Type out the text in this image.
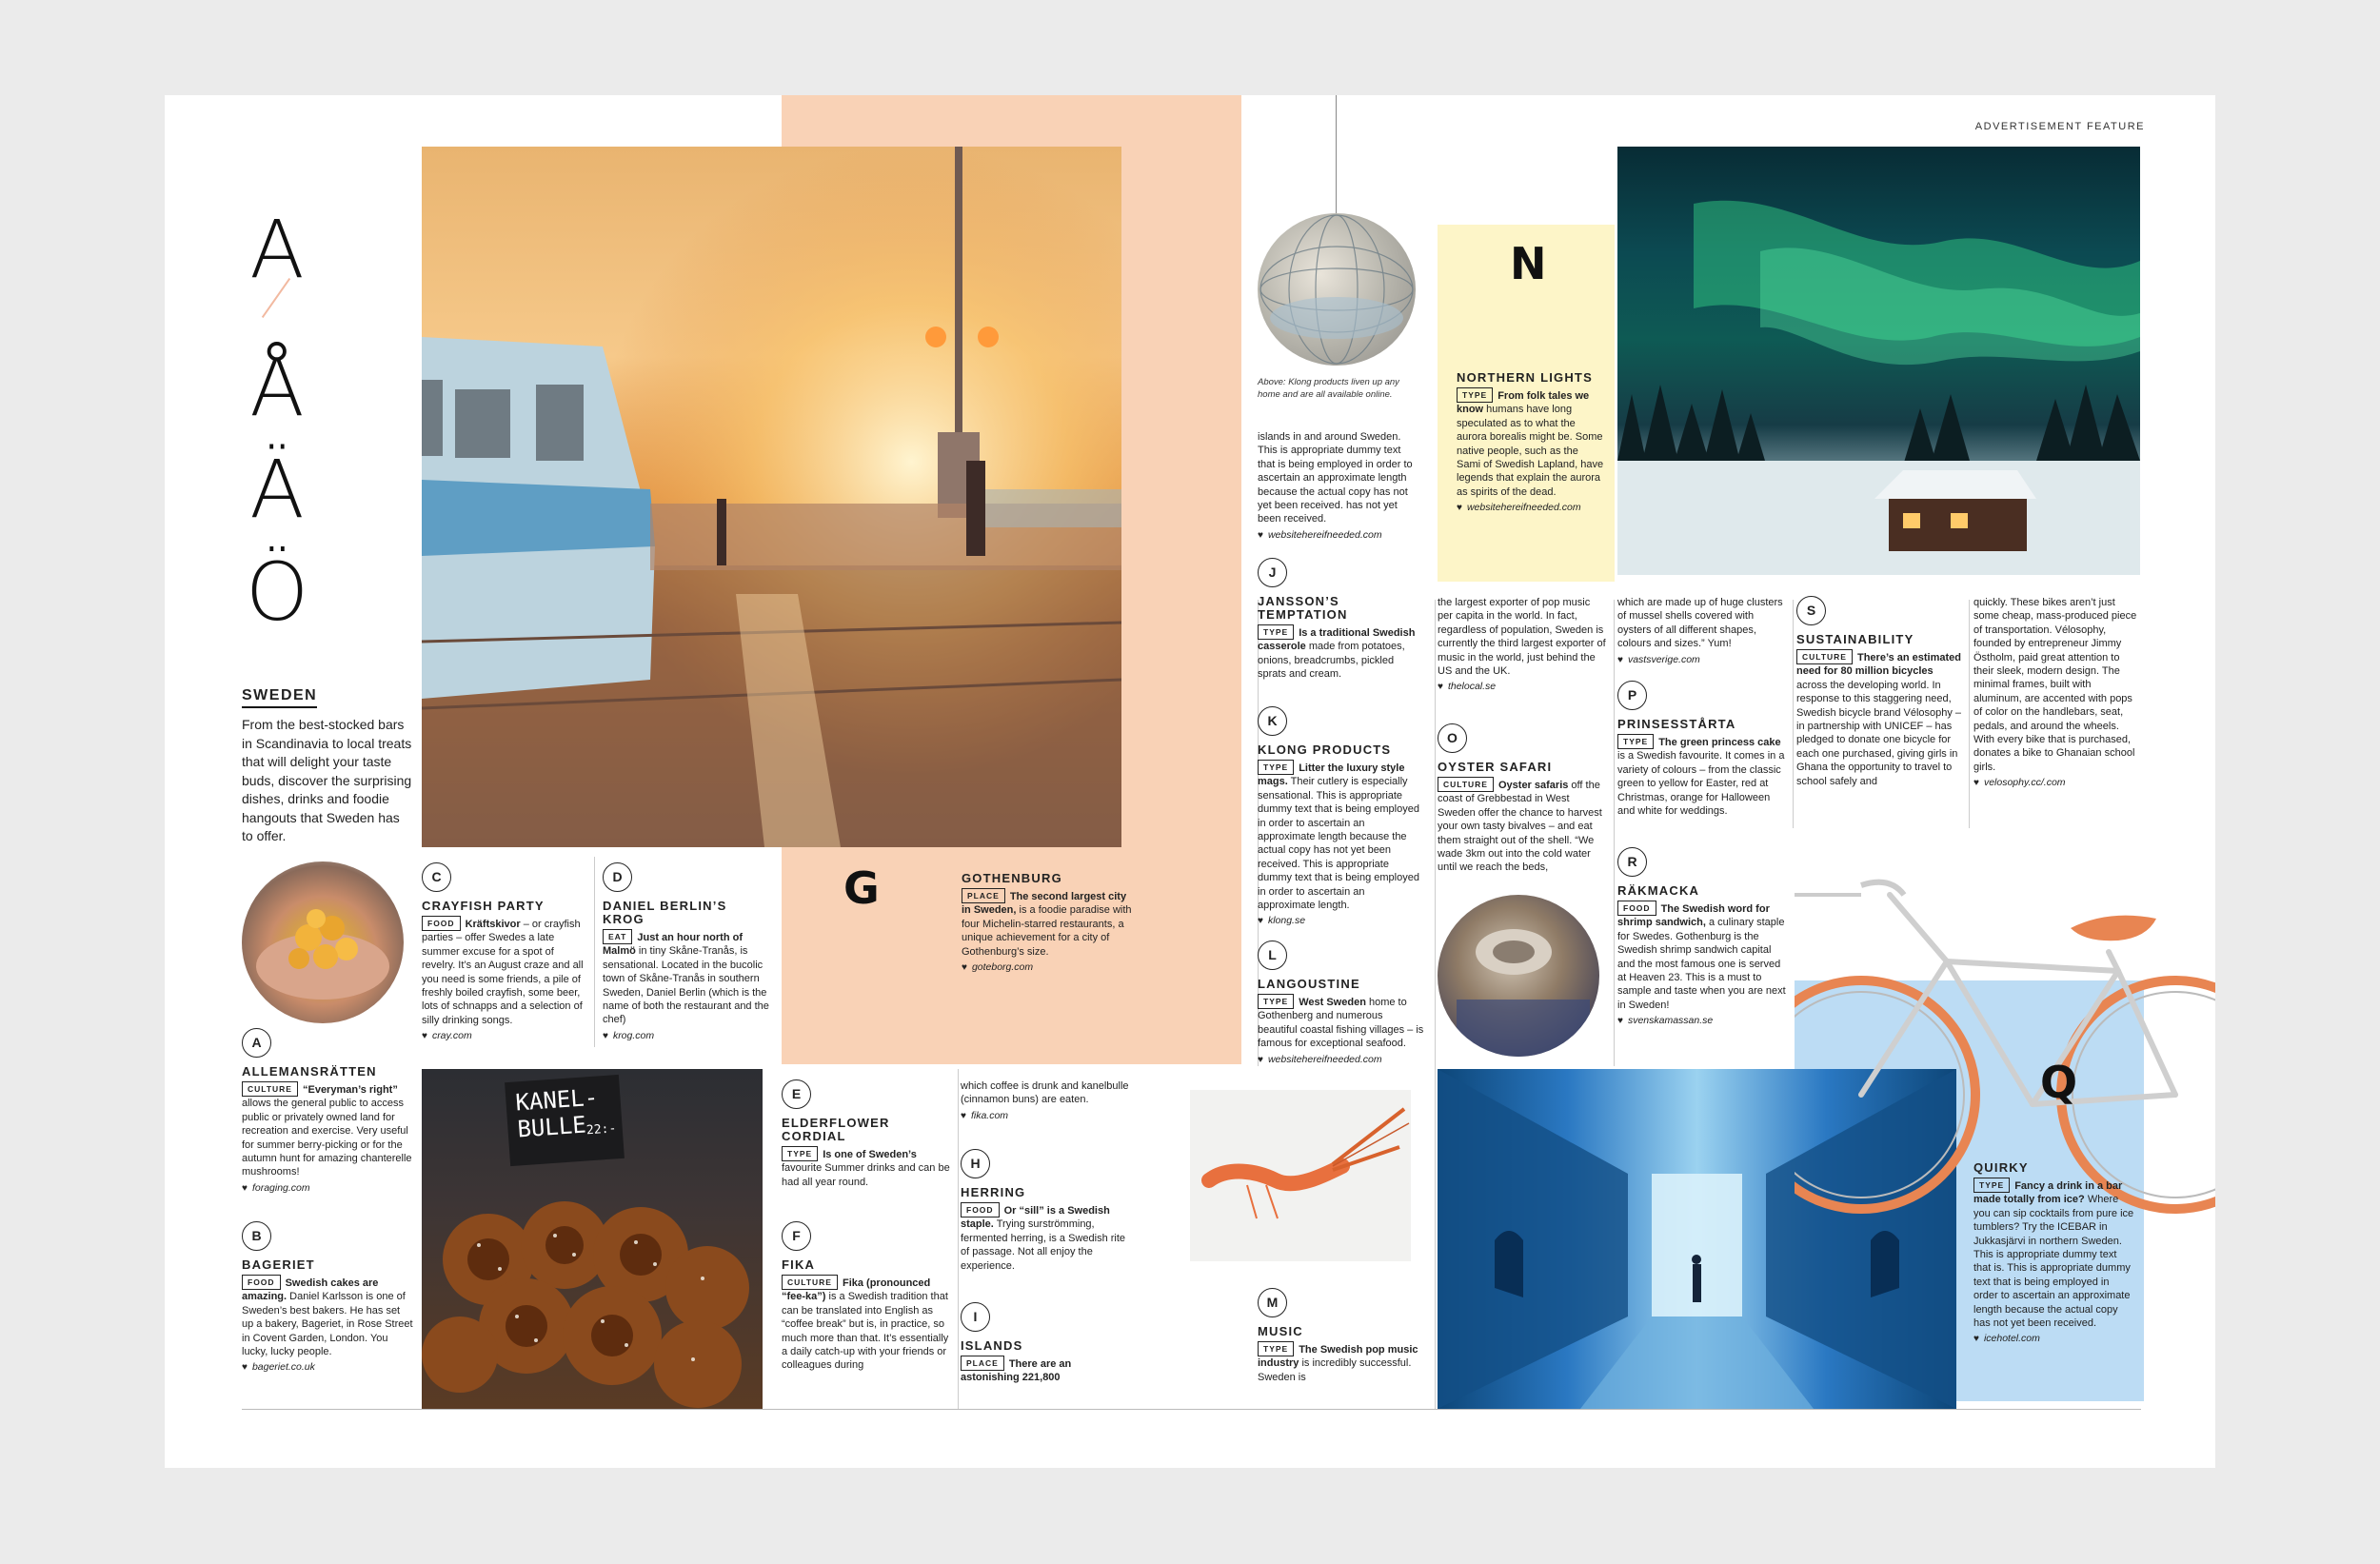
ADVERTISEMENT FEATURE
A
Å
Ä
Ö
SWEDEN
From the best-stocked bars in Scandinavia to local treats that will delight your taste buds, discover the surprising dishes, drinks and foodie hangouts that Sweden has to offer.
KANEL-
BULLE
22:-
Above: Klong products liven up any home and are all available online.
G
N
Q
A
ALLEMANSRÄTTEN
CULTURE “Everyman’s right” allows the general public to access public or privately owned land for recreation and exercise. Very useful for summer berry-picking or for the autumn hunt for amazing chanterelle mushrooms!
♥ foraging.com
B
BAGERIET
FOOD Swedish cakes are amazing. Daniel Karlsson is one of Sweden’s best bakers. He has set up a bakery, Bageriet, in Rose Street in Covent Garden, London. You lucky, lucky people.
♥ bageriet.co.uk
C
CRAYFISH PARTY
FOOD Kräftskivor – or crayfish parties – offer Swedes a late summer excuse for a spot of revelry. It’s an August craze and all you need is some friends, a pile of freshly boiled crayfish, some beer, lots of schnapps and a selection of silly drinking songs.
♥ cray.com
D
DANIEL BERLIN’S KROG
EAT Just an hour north of Malmö in tiny Skåne-Tranås, is sensational. Located in the bucolic town of Skåne-Tranås in southern Sweden, Daniel Berlin (which is the name of both the restaurant and the chef)
♥ krog.com
E
ELDERFLOWER CORDIAL
TYPE Is one of Sweden’s favourite Summer drinks and can be had all year round.
F
FIKA
CULTURE Fika (pronounced “fee-ka”) is a Swedish tradition that can be translated into English as “coffee break” but is, in practice, so much more than that. It’s essentially a daily catch-up with your friends or colleagues during
which coffee is drunk and kanelbulle (cinnamon buns) are eaten.
♥ fika.com
GOTHENBURG
PLACE The second largest city in Sweden, is a foodie paradise with four Michelin-starred restaurants, a unique achievement for a city of Gothenburg’s size.
♥ goteborg.com
H
HERRING
FOOD Or “sill” is a Swedish staple. Trying surströmming, fermented herring, is a Swedish rite of passage. Not all enjoy the experience.
I
ISLANDS
PLACE There are an astonishing 221,800
islands in and around Sweden. This is appropriate dummy text that is being employed in order to ascertain an approximate length because the actual copy has not yet been received. has not yet been received.
♥ websitehereifneeded.com
J
JANSSON’S TEMPTATION
TYPE Is a traditional Swedish casserole made from potatoes, onions, breadcrumbs, pickled sprats and cream.
K
KLONG PRODUCTS
TYPE Litter the luxury style mags. Their cutlery is especially sensational. This is appropriate dummy text that is being employed in order to ascertain an approximate length because the actual copy has not yet been received. This is appropriate dummy text that is being employed in order to ascertain an approximate length.
♥ klong.se
L
LANGOUSTINE
TYPE West Sweden home to Gothenberg and numerous beautiful coastal fishing villages – is famous for exceptional seafood.
♥ websitehereifneeded.com
M
MUSIC
TYPE The Swedish pop music industry is incredibly successful. Sweden is
the largest exporter of pop music per capita in the world. In fact, regardless of population, Sweden is currently the third largest exporter of music in the world, just behind the US and the UK.
♥ thelocal.se
NORTHERN LIGHTS
TYPE From folk tales we know humans have long speculated as to what the aurora borealis might be. Some native people, such as the Sami of Swedish Lapland, have legends that explain the aurora as spirits of the dead.
♥ websitehereifneeded.com
O
OYSTER SAFARI
CULTURE Oyster safaris off the coast of Grebbestad in West Sweden offer the chance to harvest your own tasty bivalves – and eat them straight out of the shell. “We wade 3km out into the cold water until we reach the beds,
which are made up of huge clusters of mussel shells covered with oysters of all different shapes, colours and sizes.” Yum!
♥ vastsverige.com
P
PRINSESSTÅRTA
TYPE The green princess cake is a Swedish favourite. It comes in a variety of colours – from the classic green to yellow for Easter, red at Christmas, orange for Halloween and white for weddings.
R
RÄKMACKA
FOOD The Swedish word for shrimp sandwich, a culinary staple for Swedes. Gothenburg is the Swedish shrimp sandwich capital and the most famous one is served at Heaven 23. This is a must to sample and taste when you are next in Sweden!
♥ svenskamassan.se
S
SUSTAINABILITY
CULTURE There’s an estimated need for 80 million bicycles across the developing world. In response to this staggering need, Swedish bicycle brand Vélosophy – in partnership with UNICEF – has pledged to donate one bicycle for each one purchased, giving girls in Ghana the opportunity to travel to school safely and
quickly. These bikes aren’t just some cheap, mass-produced piece of transportation. Vélosophy, founded by entrepreneur Jimmy Östholm, paid great attention to their sleek, modern design. The minimal frames, built with aluminum, are accented with pops of color on the handlebars, seat, pedals, and around the wheels. With every bike that is purchased, donates a bike to Ghanaian school girls.
♥ velosophy.cc/.com
QUIRKY
TYPE Fancy a drink in a bar made totally from ice? Where you can sip cocktails from pure ice tumblers? Try the ICEBAR in Jukkasjärvi in northern Sweden. This is appropriate dummy text that is. This is appropriate dummy text that is being employed in order to ascertain an approximate length because the actual copy has not yet been received.
♥ icehotel.com
